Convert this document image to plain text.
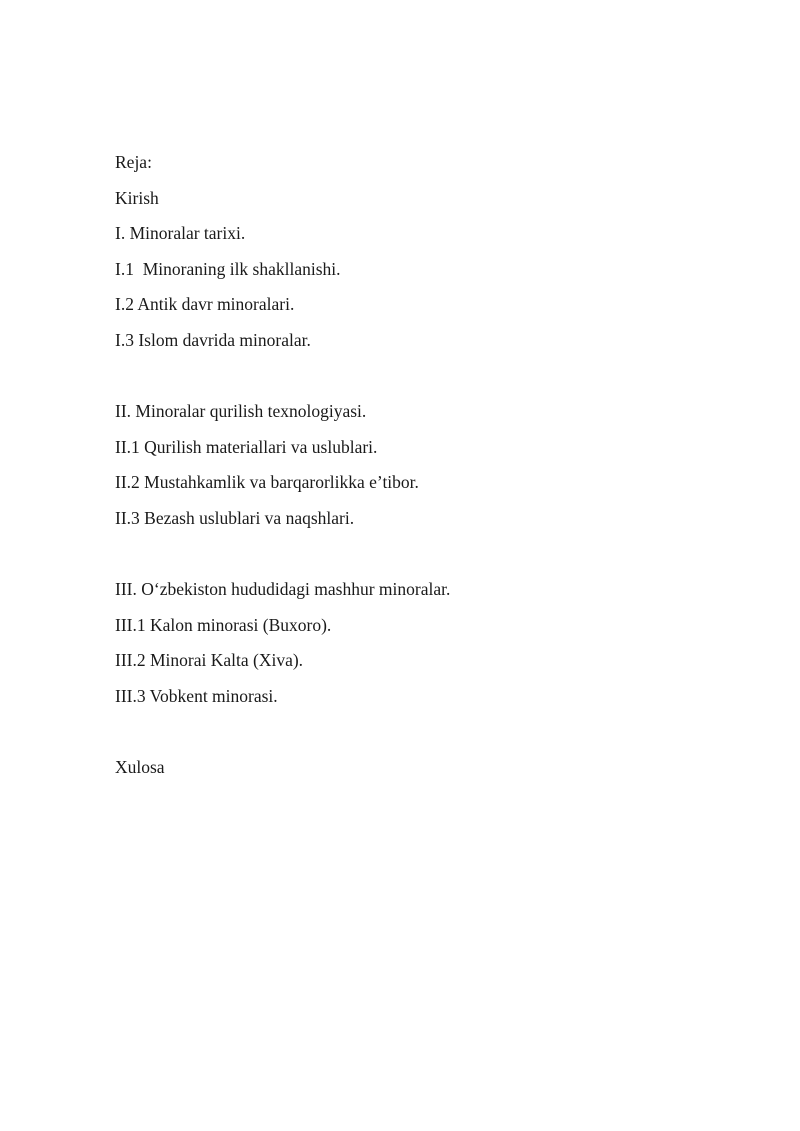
Reja:
Kirish
I. Minoralar tarixi.
I.1  Minoraning ilk shakllanishi.
I.2 Antik davr minoralari.
I.3 Islom davrida minoralar.
II. Minoralar qurilish texnologiyasi.
II.1 Qurilish materiallari va uslublari.
II.2 Mustahkamlik va barqarorlikka e’tibor.
II.3 Bezash uslublari va naqshlari.
III. O‘zbekiston hududidagi mashhur minoralar.
III.1 Kalon minorasi (Buxoro).
III.2 Minorai Kalta (Xiva).
III.3 Vobkent minorasi.
Xulosa
